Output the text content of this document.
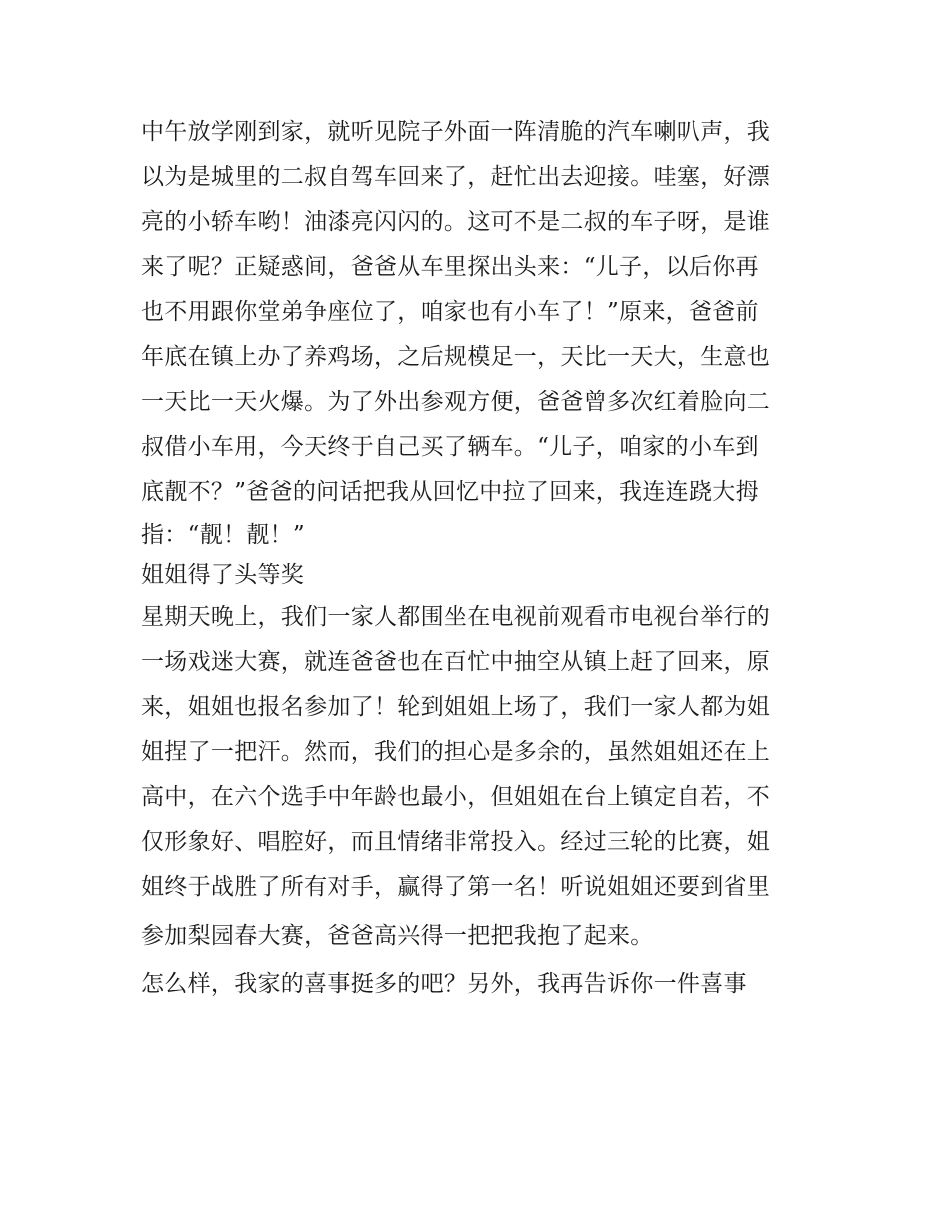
中午放学刚到家，就听见院子外面一阵清脆的汽车喇叭声，我
以为是城里的二叔自驾车回来了，赶忙出去迎接。哇塞，好漂
亮的小轿车哟！油漆亮闪闪的。这可不是二叔的车子呀，是谁
来了呢？正疑惑间，爸爸从车里探出头来：“儿子，以后你再
也不用跟你堂弟争座位了，咱家也有小车了！”原来，爸爸前
年底在镇上办了养鸡场，之后规模足一，天比一天大，生意也
一天比一天火爆。为了外出参观方便，爸爸曾多次红着脸向二
叔借小车用，今天终于自己买了辆车。“儿子，咱家的小车到
底靓不？”爸爸的问话把我从回忆中拉了回来，我连连跷大拇
指：“靓！靓！”
姐姐得了头等奖
星期天晚上，我们一家人都围坐在电视前观看市电视台举行的
一场戏迷大赛，就连爸爸也在百忙中抽空从镇上赶了回来，原
来，姐姐也报名参加了！轮到姐姐上场了，我们一家人都为姐
姐捏了一把汗。然而，我们的担心是多余的，虽然姐姐还在上
高中，在六个选手中年龄也最小，但姐姐在台上镇定自若，不
仅形象好、唱腔好，而且情绪非常投入。经过三轮的比赛，姐
姐终于战胜了所有对手，赢得了第一名！听说姐姐还要到省里
参加梨园春大赛，爸爸高兴得一把把我抱了起来。
怎么样，我家的喜事挺多的吧？另外，我再告诉你一件喜事
